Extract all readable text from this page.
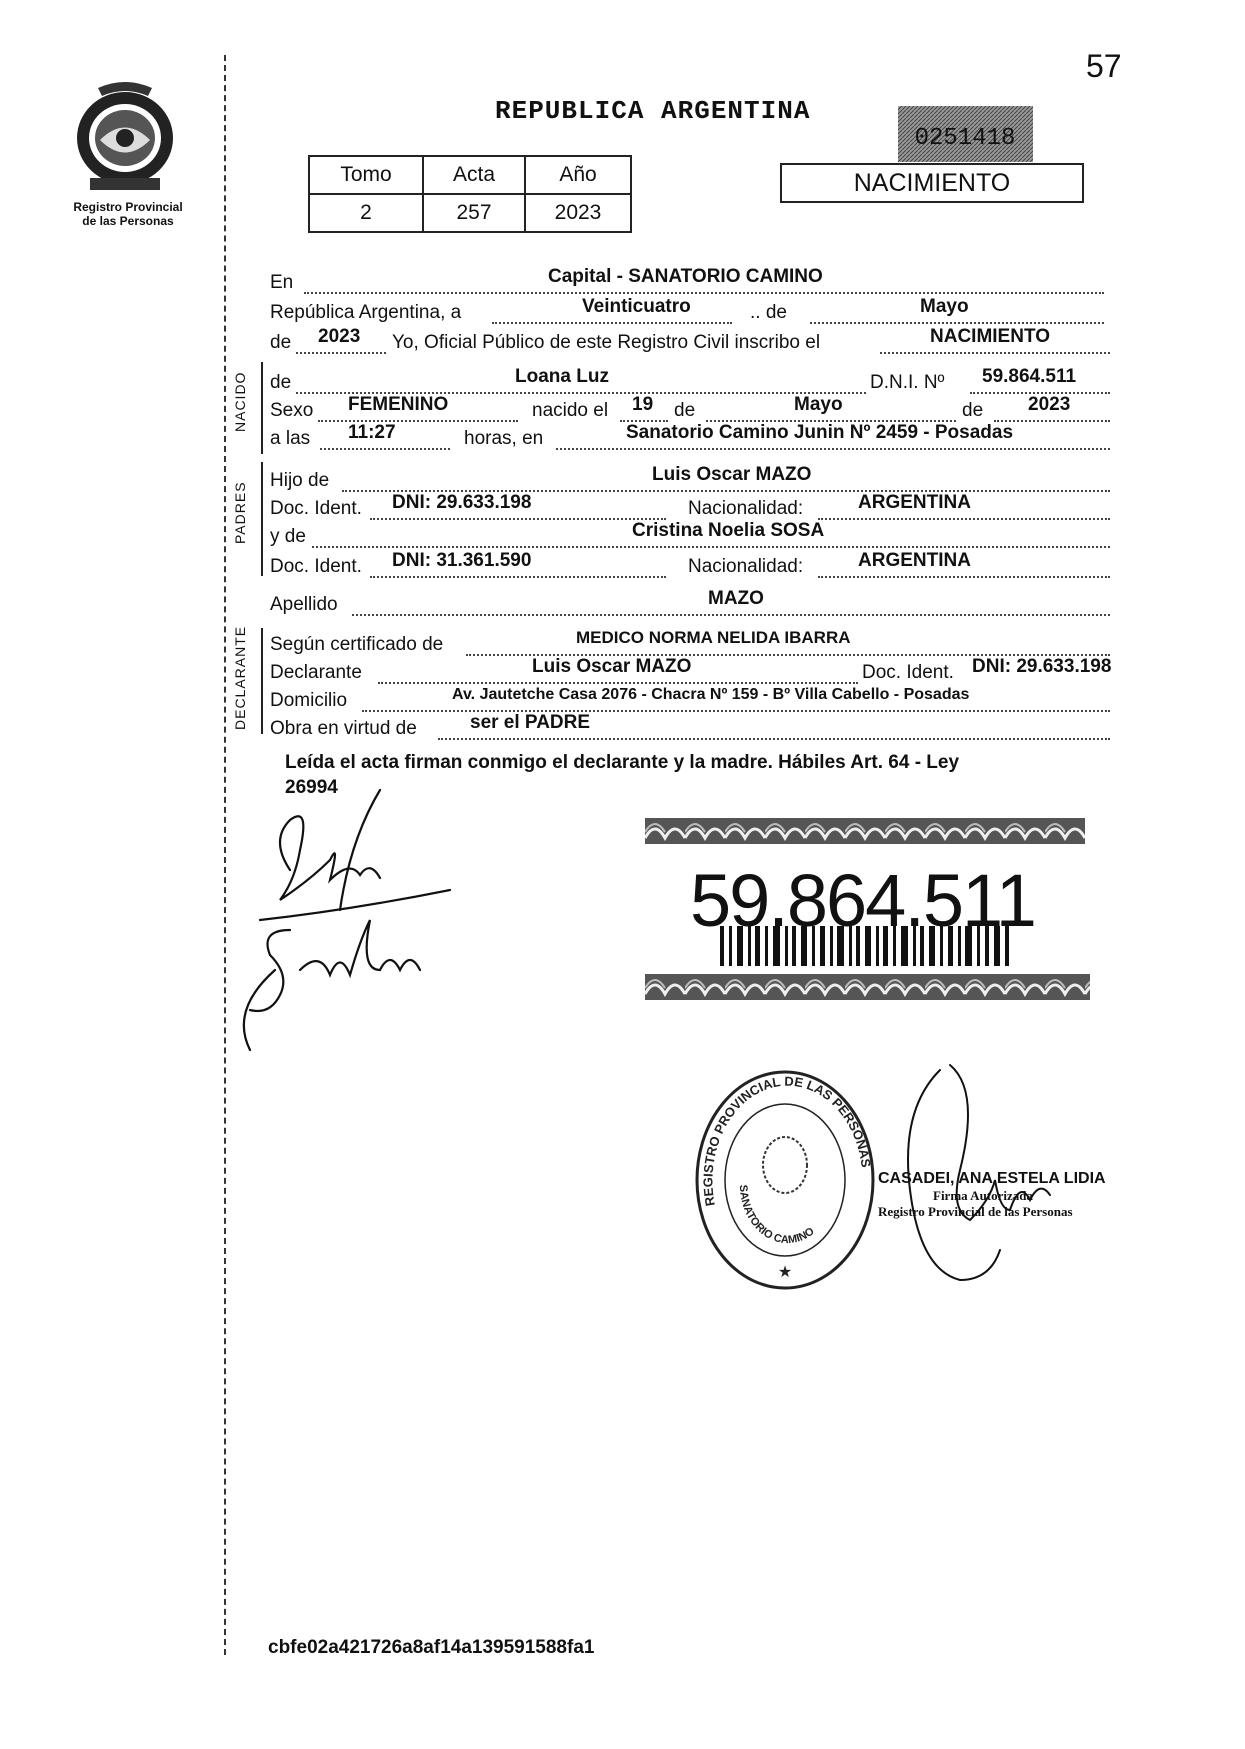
Registro Provincial
de las Personas
57
REPUBLICA ARGENTINA
0251418
Tomo	Acta	Año
2	257	2023
NACIMIENTO
En	Capital - SANATORIO CAMINO
República Argentina, a	Veinticuatro	.. de	Mayo
de 2023 Yo, Oficial Público de este Registro Civil inscribo el	NACIMIENTO
NACIDO de	Loana Luz	D.N.I. Nº 59.864.511
Sexo FEMENINO	nacido el 19 de	Mayo	de 2023
a las 11:27	horas, en	Sanatorio Camino Junin Nº 2459 - Posadas
PADRES
Hijo de	Luis Oscar MAZO
Doc. Ident. DNI: 29.633.198	Nacionalidad:	ARGENTINA
y de	Cristina Noelia SOSA
Doc. Ident. DNI: 31.361.590	Nacionalidad:	ARGENTINA
Apellido	MAZO
DECLARANTE Según certificado de	MEDICO NORMA NELIDA IBARRA
Declarante	Luis Oscar MAZO	Doc. Ident. DNI: 29.633.198
Domicilio	Av. Jautetche Casa 2076 - Chacra Nº 159 - Bº Villa Cabello - Posadas
Obra en virtud de	ser el PADRE
Leída el acta firman conmigo el declarante y la madre. Hábiles Art. 64 - Ley
26994
59.864.511
REGISTRO PROVINCIAL DE LAS PERSONAS
SANATORIO CAMINO
★
CASADEI, ANA ESTELA LIDIA
Firma Autorizada
Registro Provincial de las Personas
cbfe02a421726a8af14a139591588fa1
